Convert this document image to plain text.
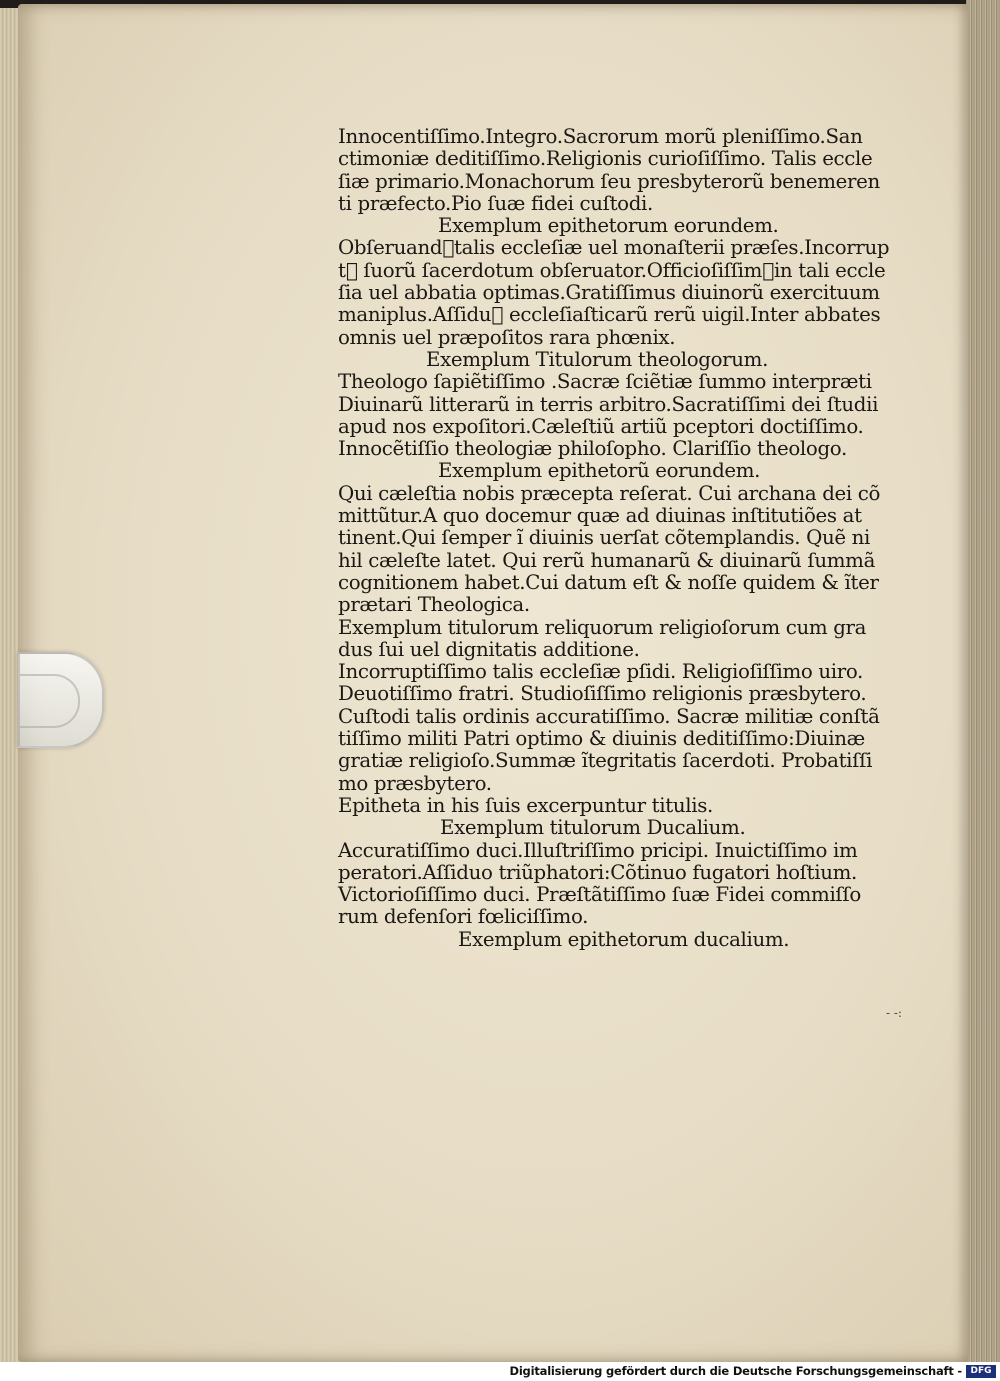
Innocentiſſimo.Integro.Sacrorum morũ pleniſſimo.San
ctimoniæ deditiſſimo.Religionis curioſiſſimo. Talis eccle
ſiæ primario.Monachorum ſeu presbyterorũ benemeren
ti præfecto.Pio ſuæ fidei cuſtodi.
Exemplum epithetorum eorundem.
Obſeruand᷒talis eccleſiæ uel monaſterii præſes.Incorrup
t᷒ ſuorũ ſacerdotum obſeruator.Officioſiſſim᷒in tali eccle
ſia uel abbatia optimas.Gratiſſimus diuinorũ exercituum
maniplus.Aſſidu᷒ eccleſiaſticarũ rerũ uigil.Inter abbates
omnis uel præpoſitos rara phœnix.
Exemplum Titulorum theologorum.
Theologo ſapiẽtiſſimo .Sacræ ſciẽtiæ ſummo interpræti
Diuinarũ litterarũ in terris arbitro.Sacratiſſimi dei ſtudii
apud nos expoſitori.Cæleſtiũ artiũ pceptori doctiſſimo.
Innocẽtiſſio theologiæ philoſopho. Clariſſio theologo.
Exemplum epithetorũ eorundem.
Qui cæleſtia nobis præcepta reſerat. Cui archana dei cõ
mittũtur.A quo docemur quæ ad diuinas inſtitutiões at
tinent.Qui ſemper ĩ diuinis uerſat cõtemplandis. Quẽ ni
hil cæleſte latet. Qui rerũ humanarũ & diuinarũ ſummã
cognitionem habet.Cui datum eſt & noſſe quidem & ĩter
prætari Theologica.
Exemplum titulorum reliquorum religioſorum cum gra
dus ſui uel dignitatis additione.
Incorruptiſſimo talis eccleſiæ pſidi. Religioſiſſimo uiro.
Deuotiſſimo fratri. Studioſiſſimo religionis præsbytero.
Cuſtodi talis ordinis accuratiſſimo. Sacræ militiæ conſtã
tiſſimo militi Patri optimo & diuinis deditiſſimo:Diuinæ
gratiæ religioſo.Summæ ĩtegritatis ſacerdoti. Probatiſſi
mo præsbytero.
Epitheta in his ſuis excerpuntur titulis.
Exemplum titulorum Ducalium.
Accuratiſſimo duci.Illuſtriſſimo pricipi. Inuictiſſimo im
peratori.Aſſiduo triũphatori:Cõtinuo fugatori hoſtium.
Victorioſiſſimo duci. Præſtãtiſſimo ſuæ Fidei commiſſo
rum defenſori fœliciſſimo.
Exemplum epithetorum ducalium.
- -:
Digitalisierung gefördert durch die Deutsche Forschungsgemeinschaft - DFG
